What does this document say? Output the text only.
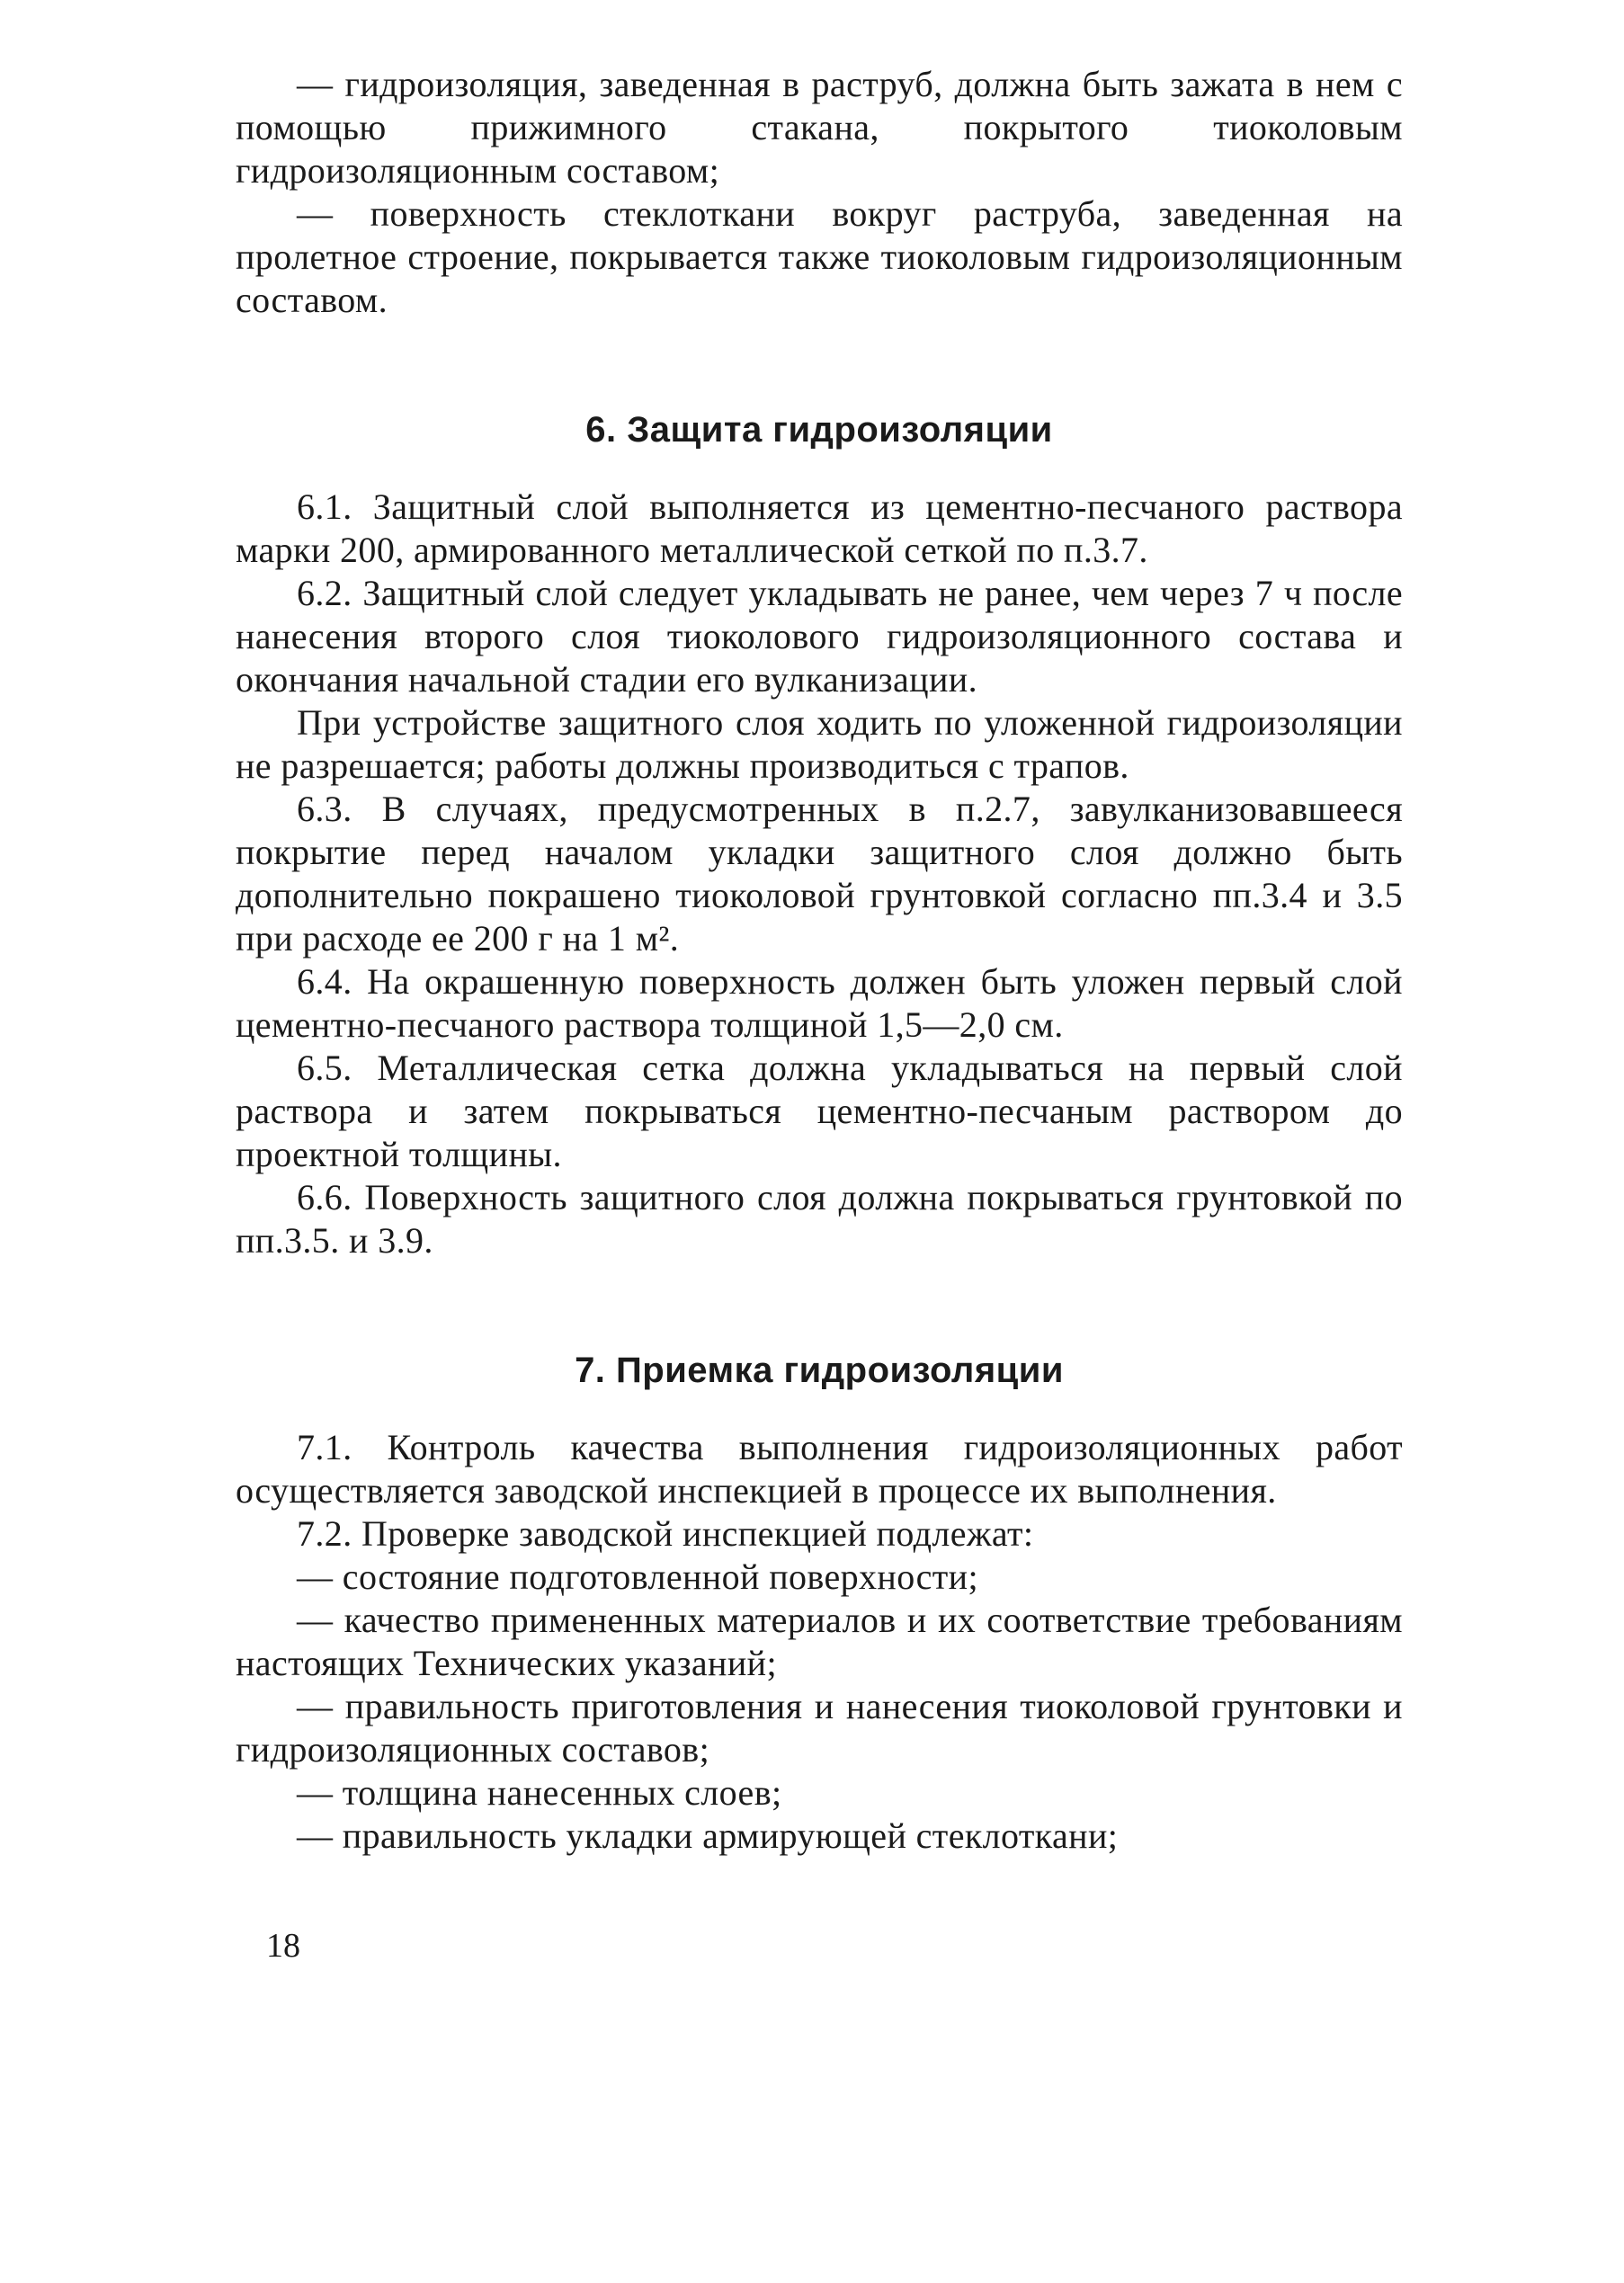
— гидроизоляция, заведенная в раструб, должна быть зажата в нем с помощью прижимного стакана, покрытого тиоколовым гидроизоляционным составом;

— поверхность стеклоткани вокруг раструба, заведенная на пролетное строение, покрывается также тиоколовым гидроизоляционным составом.

6. Защита гидроизоляции

6.1. Защитный слой выполняется из цементно-песчаного раствора марки 200, армированного металлической сеткой по п.3.7.

6.2. Защитный слой следует укладывать не ранее, чем через 7 ч после нанесения второго слоя тиоколового гидроизоляционного состава и окончания начальной стадии его вулканизации.

При устройстве защитного слоя ходить по уложенной гидроизоляции не разрешается; работы должны производиться с трапов.

6.3. В случаях, предусмотренных в п.2.7, завулканизовавшееся покрытие перед началом укладки защитного слоя должно быть дополнительно покрашено тиоколовой грунтовкой согласно пп.3.4 и 3.5 при расходе ее 200 г на 1 м².

6.4. На окрашенную поверхность должен быть уложен первый слой цементно-песчаного раствора толщиной 1,5—2,0 см.

6.5. Металлическая сетка должна укладываться на первый слой раствора и затем покрываться цементно-песчаным раствором до проектной толщины.

6.6. Поверхность защитного слоя должна покрываться грунтовкой по пп.3.5. и 3.9.

7. Приемка гидроизоляции

7.1. Контроль качества выполнения гидроизоляционных работ осуществляется заводской инспекцией в процессе их выполнения.

7.2. Проверке заводской инспекцией подлежат:

— состояние подготовленной поверхности;

— качество примененных материалов и их соответствие требованиям настоящих Технических указаний;

— правильность приготовления и нанесения тиоколовой грунтовки и гидроизоляционных составов;

— толщина нанесенных слоев;

— правильность укладки армирующей стеклоткани;

18
